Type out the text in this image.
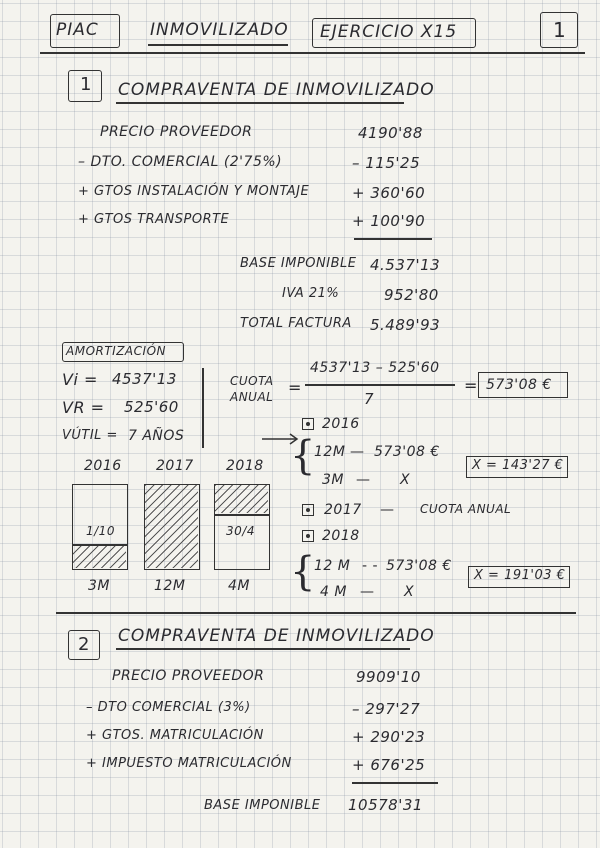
PIAC	INMOVILIZADO EJERCICIO X15	1
1 COMPRAVENTA DE INMOVILIZADO
PRECIO PROVEEDOR	4190'88
– DTO. COMERCIAL (2'75%)	– 115'25
+ GTOS INSTALACIÓN Y MONTAJE	+ 360'60
+ GTOS TRANSPORTE	+ 100'90
BASE IMPONIBLE 4.537'13
IVA 21%	952'80
TOTAL FACTURA 5.489'93
AMORTIZACIÓN
Vi = 4537'13
VR = 525'60
VÚTIL = 7 AÑOS
CUOTA
ANUAL =
4537'13 – 525'60
7
= 573'08 €
2016 2017 2018
1/10	30/4
3M	12M	4M
2016
{
12M — 573'08 €
3M — X
X = 143'27 €
2017 — CUOTA ANUAL
2018
{
12 M - - 573'08 €
4 M — X
X = 191'03 €
2 COMPRAVENTA DE INMOVILIZADO
PRECIO PROVEEDOR	9909'10
– DTO COMERCIAL (3%)	– 297'27
+ GTOS. MATRICULACIÓN	+ 290'23
+ IMPUESTO MATRICULACIÓN	+ 676'25
BASE IMPONIBLE 10578'31
